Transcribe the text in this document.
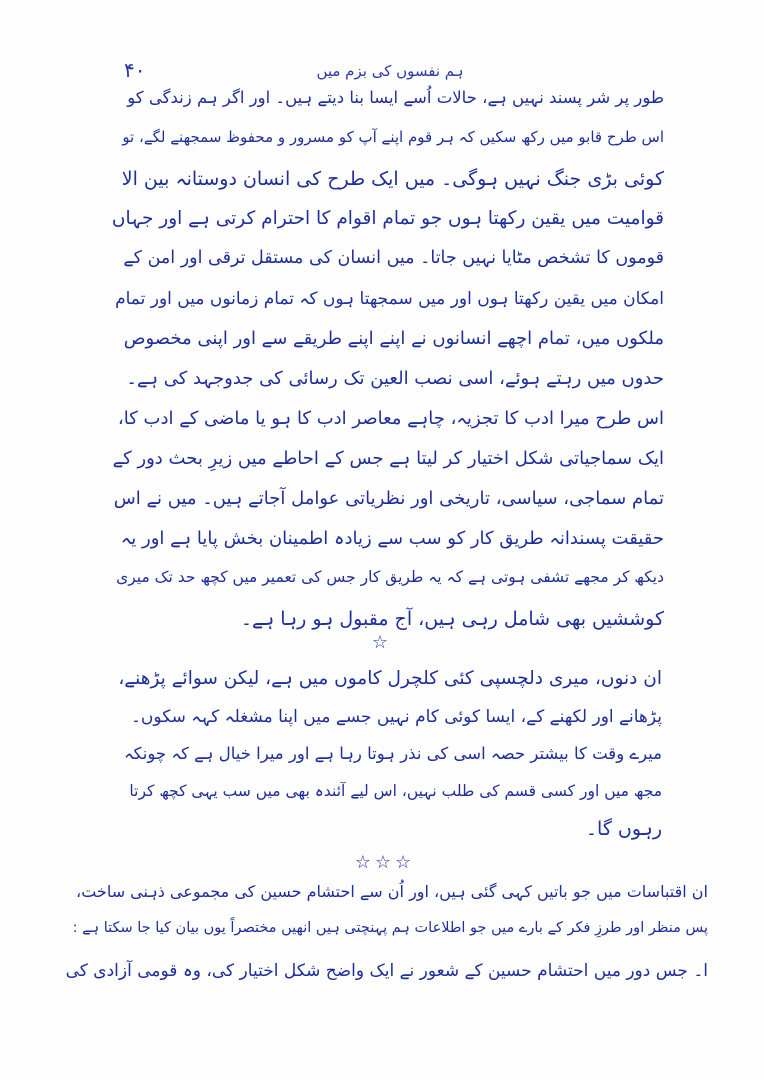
۴۰	ہم نفسوں کی بزم میں
طور پر شر پسند نہیں ہے، حالات اُسے ایسا بنا دیتے ہیں۔ اور اگر ہم زندگی کو
اس طرح قابو میں رکھ سکیں کہ ہر قوم اپنے آپ کو مسرور و محفوظ سمجھنے لگے، تو
کوئی بڑی جنگ نہیں ہوگی۔ میں ایک طرح کی انسان دوستانہ بین الا
قوامیت میں یقین رکھتا ہوں جو تمام اقوام کا احترام کرتی ہے اور جہاں
قوموں کا تشخص مٹایا نہیں جاتا۔ میں انسان کی مستقل ترقی اور امن کے
امکان میں یقین رکھتا ہوں اور میں سمجھتا ہوں کہ تمام زمانوں میں اور تمام
ملکوں میں، تمام اچھے انسانوں نے اپنے اپنے طریقے سے اور اپنی مخصوص
حدوں میں رہتے ہوئے، اسی نصب العین تک رسائی کی جدوجہد کی ہے۔
اس طرح میرا ادب کا تجزیہ، چاہے معاصر ادب کا ہو یا ماضی کے ادب کا،
ایک سماجیاتی شکل اختیار کر لیتا ہے جس کے احاطے میں زیرِ بحث دور کے
تمام سماجی، سیاسی، تاریخی اور نظریاتی عوامل آجاتے ہیں۔ میں نے اس
حقیقت پسندانہ طریق کار کو سب سے زیادہ اطمینان بخش پایا ہے اور یہ
دیکھ کر مجھے تشفی ہوتی ہے کہ یہ طریق کار جس کی تعمیر میں کچھ حد تک میری
کوششیں بھی شامل رہی ہیں، آج مقبول ہو رہا ہے۔
☆
ان دنوں، میری دلچسپی کئی کلچرل کاموں میں ہے، لیکن سوائے پڑھنے،
پڑھانے اور لکھنے کے، ایسا کوئی کام نہیں جسے میں اپنا مشغلہ کہہ سکوں۔
میرے وقت کا بیشتر حصہ اسی کی نذر ہوتا رہا ہے اور میرا خیال ہے کہ چونکہ
مجھ میں اور کسی قسم کی طلب نہیں، اس لیے آئندہ بھی میں سب یہی کچھ کرتا
رہوں گا۔
☆☆☆
ان اقتباسات میں جو باتیں کہی گئی ہیں، اور اُن سے احتشام حسین کی مجموعی ذہنی ساخت،
پس منظر اور طرزِ فکر کے بارے میں جو اطلاعات ہم پہنچتی ہیں انھیں مختصراً یوں بیان کیا جا سکتا ہے :
ا۔ جس دور میں احتشام حسین کے شعور نے ایک واضح شکل اختیار کی، وہ قومی آزادی کی
